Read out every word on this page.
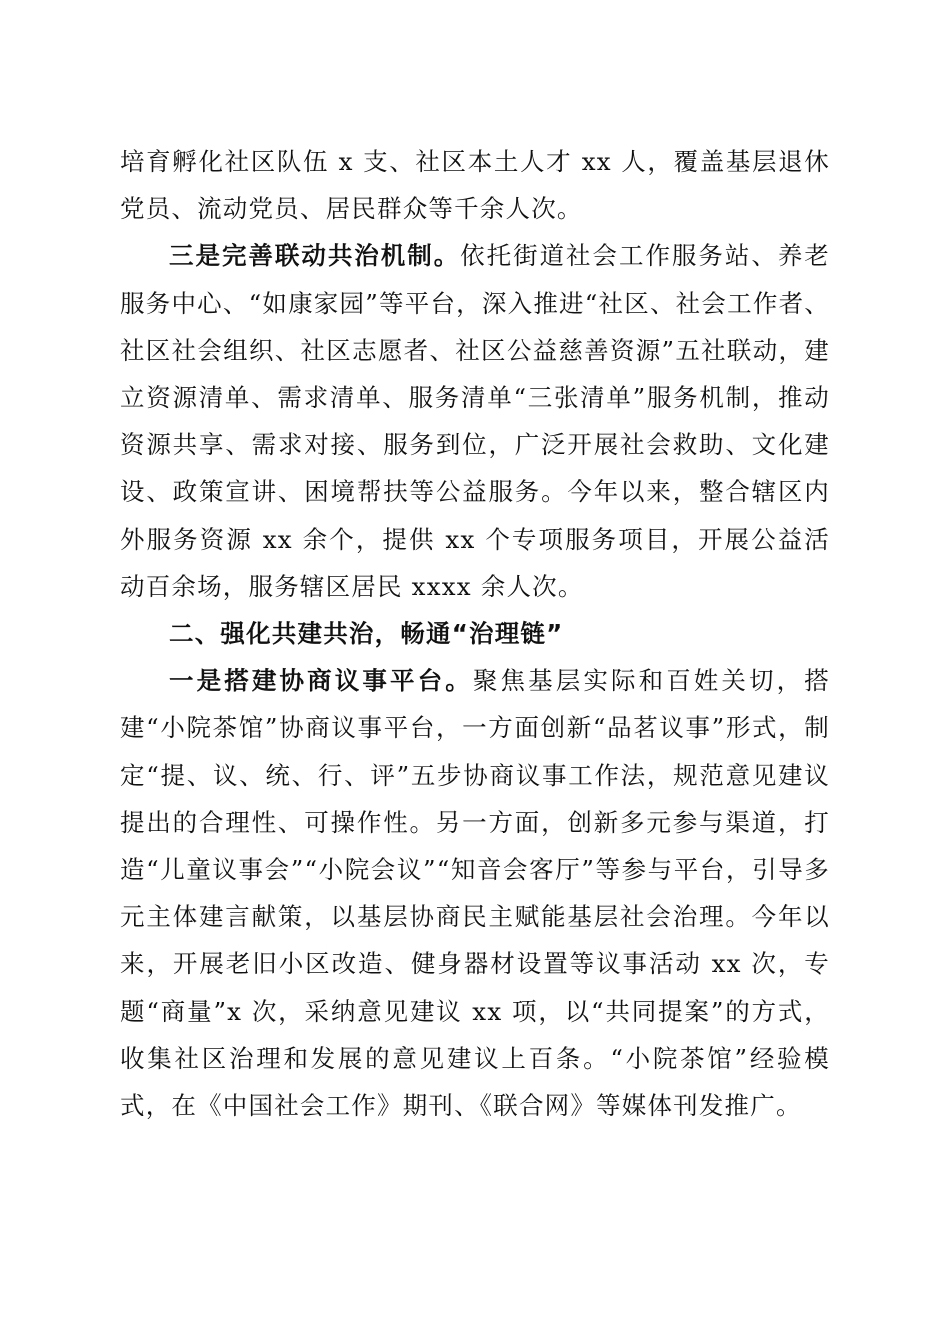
培育孵化社区队伍 x 支、社区本土人才 xx 人，覆盖基层退休党员、流动党员、居民群众等千余人次。

三是完善联动共治机制。依托街道社会工作服务站、养老服务中心、“如康家园”等平台，深入推进“社区、社会工作者、社区社会组织、社区志愿者、社区公益慈善资源”五社联动，建立资源清单、需求清单、服务清单“三张清单”服务机制，推动资源共享、需求对接、服务到位，广泛开展社会救助、文化建设、政策宣讲、困境帮扶等公益服务。今年以来，整合辖区内外服务资源 xx 余个，提供 xx 个专项服务项目，开展公益活动百余场，服务辖区居民 xxxx 余人次。

二、强化共建共治，畅通“治理链”

一是搭建协商议事平台。聚焦基层实际和百姓关切，搭建“小院茶馆”协商议事平台，一方面创新“品茗议事”形式，制定“提、议、统、行、评”五步协商议事工作法，规范意见建议提出的合理性、可操作性。另一方面，创新多元参与渠道，打造“儿童议事会”“小院会议”“知音会客厅”等参与平台，引导多元主体建言献策，以基层协商民主赋能基层社会治理。今年以来，开展老旧小区改造、健身器材设置等议事活动 xx 次，专题“商量”x 次，采纳意见建议 xx 项，以“共同提案”的方式，收集社区治理和发展的意见建议上百条。“小院茶馆”经验模式，在《中国社会工作》期刊、《联合网》等媒体刊发推广。
